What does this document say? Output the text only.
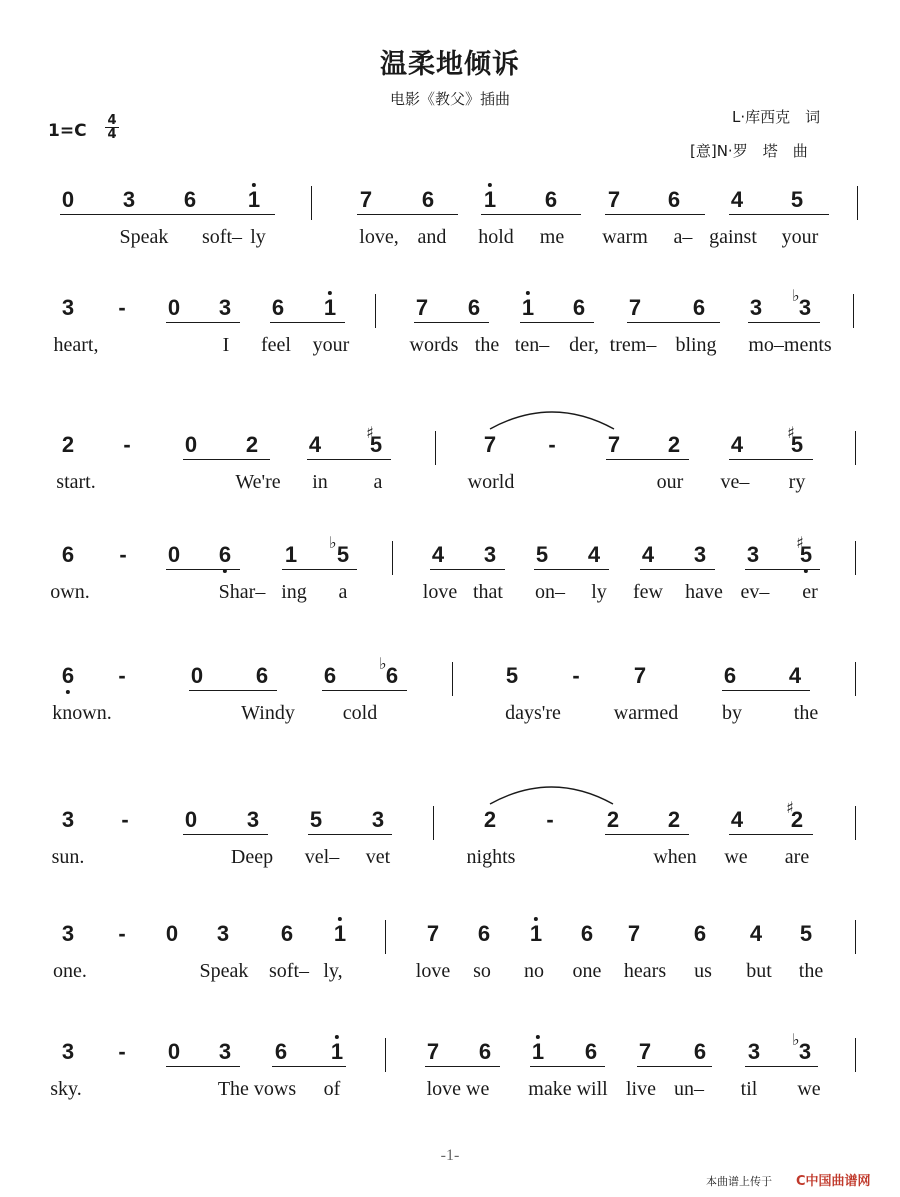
温柔地倾诉
电影《教父》插曲
L·库西克　词
[意]N·罗　塔　曲
1=C
4
4
0 3 6 1	7 6 1 6 7 6 4 5
Speak soft– ly	love, and hold me warm a– gainst your
3 - 0 3 6 1	7 6 1 6 7 6 3 3
♭
heart,	I feel your	words the ten– der, trem– bling mo–ments
2 - 0 2 4 5
♯	7 - 7 2 4 5
♯
start.	We're in a	world	our ve– ry
6 - 0 6 1 5
♭	4 3 5 4 4 3 3 5
♯
own.	Shar– ing a	love that on– ly few have ev– er
6 -	0 6	6 6
♭	5 - 7	6 4
known.	Windy cold	days're	warmed by	the
3 -	0 3 5 3	2 - 2 2 4 2
♯
sun.	Deep vel– vet	nights	when we are
3 - 0 3 6 1	7 6 1 6 7 6 4 5
one.	Speak soft– ly,	love so no one hears us but the
3 - 0 3 6 1	7 6 1 6 7 6 3 3
♭
sky.	The vows of	love we make will live un– til we
-1-
本曲谱上传于 C中国曲谱网
